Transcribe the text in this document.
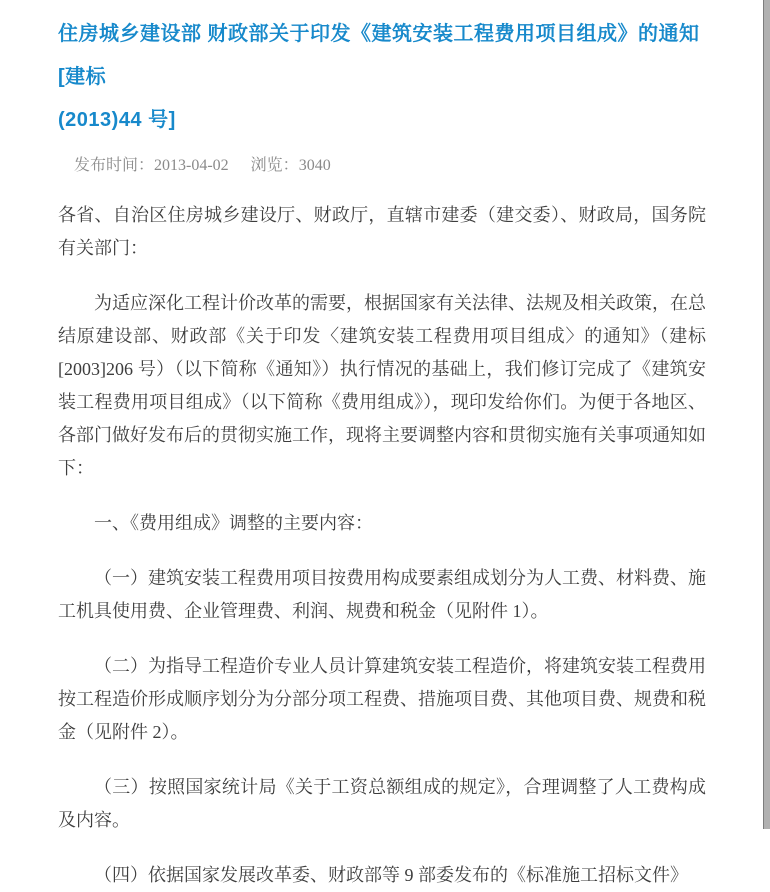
住房城乡建设部 财政部关于印发《建筑安装工程费用项目组成》的通知 [建标
(2013)44 号]
发布时间：2013-04-02 浏览：3040

各省、自治区住房城乡建设厅、财政厅，直辖市建委（建交委）、财政局，国务院有关部门：

为适应深化工程计价改革的需要，根据国家有关法律、法规及相关政策，在总结原建设部、财政部《关于印发〈建筑安装工程费用项目组成〉的通知》（建标[2003]206 号）（以下简称《通知》）执行情况的基础上，我们修订完成了《建筑安装工程费用项目组成》（以下简称《费用组成》），现印发给你们。为便于各地区、各部门做好发布后的贯彻实施工作，现将主要调整内容和贯彻实施有关事项通知如下：

一、《费用组成》调整的主要内容：

（一）建筑安装工程费用项目按费用构成要素组成划分为人工费、材料费、施工机具使用费、企业管理费、利润、规费和税金（见附件 1）。

（二）为指导工程造价专业人员计算建筑安装工程造价，将建筑安装工程费用按工程造价形成顺序划分为分部分项工程费、措施项目费、其他项目费、规费和税金（见附件 2）。

（三）按照国家统计局《关于工资总额组成的规定》，合理调整了人工费构成及内容。

（四）依据国家发展改革委、财政部等 9 部委发布的《标准施工招标文件》
